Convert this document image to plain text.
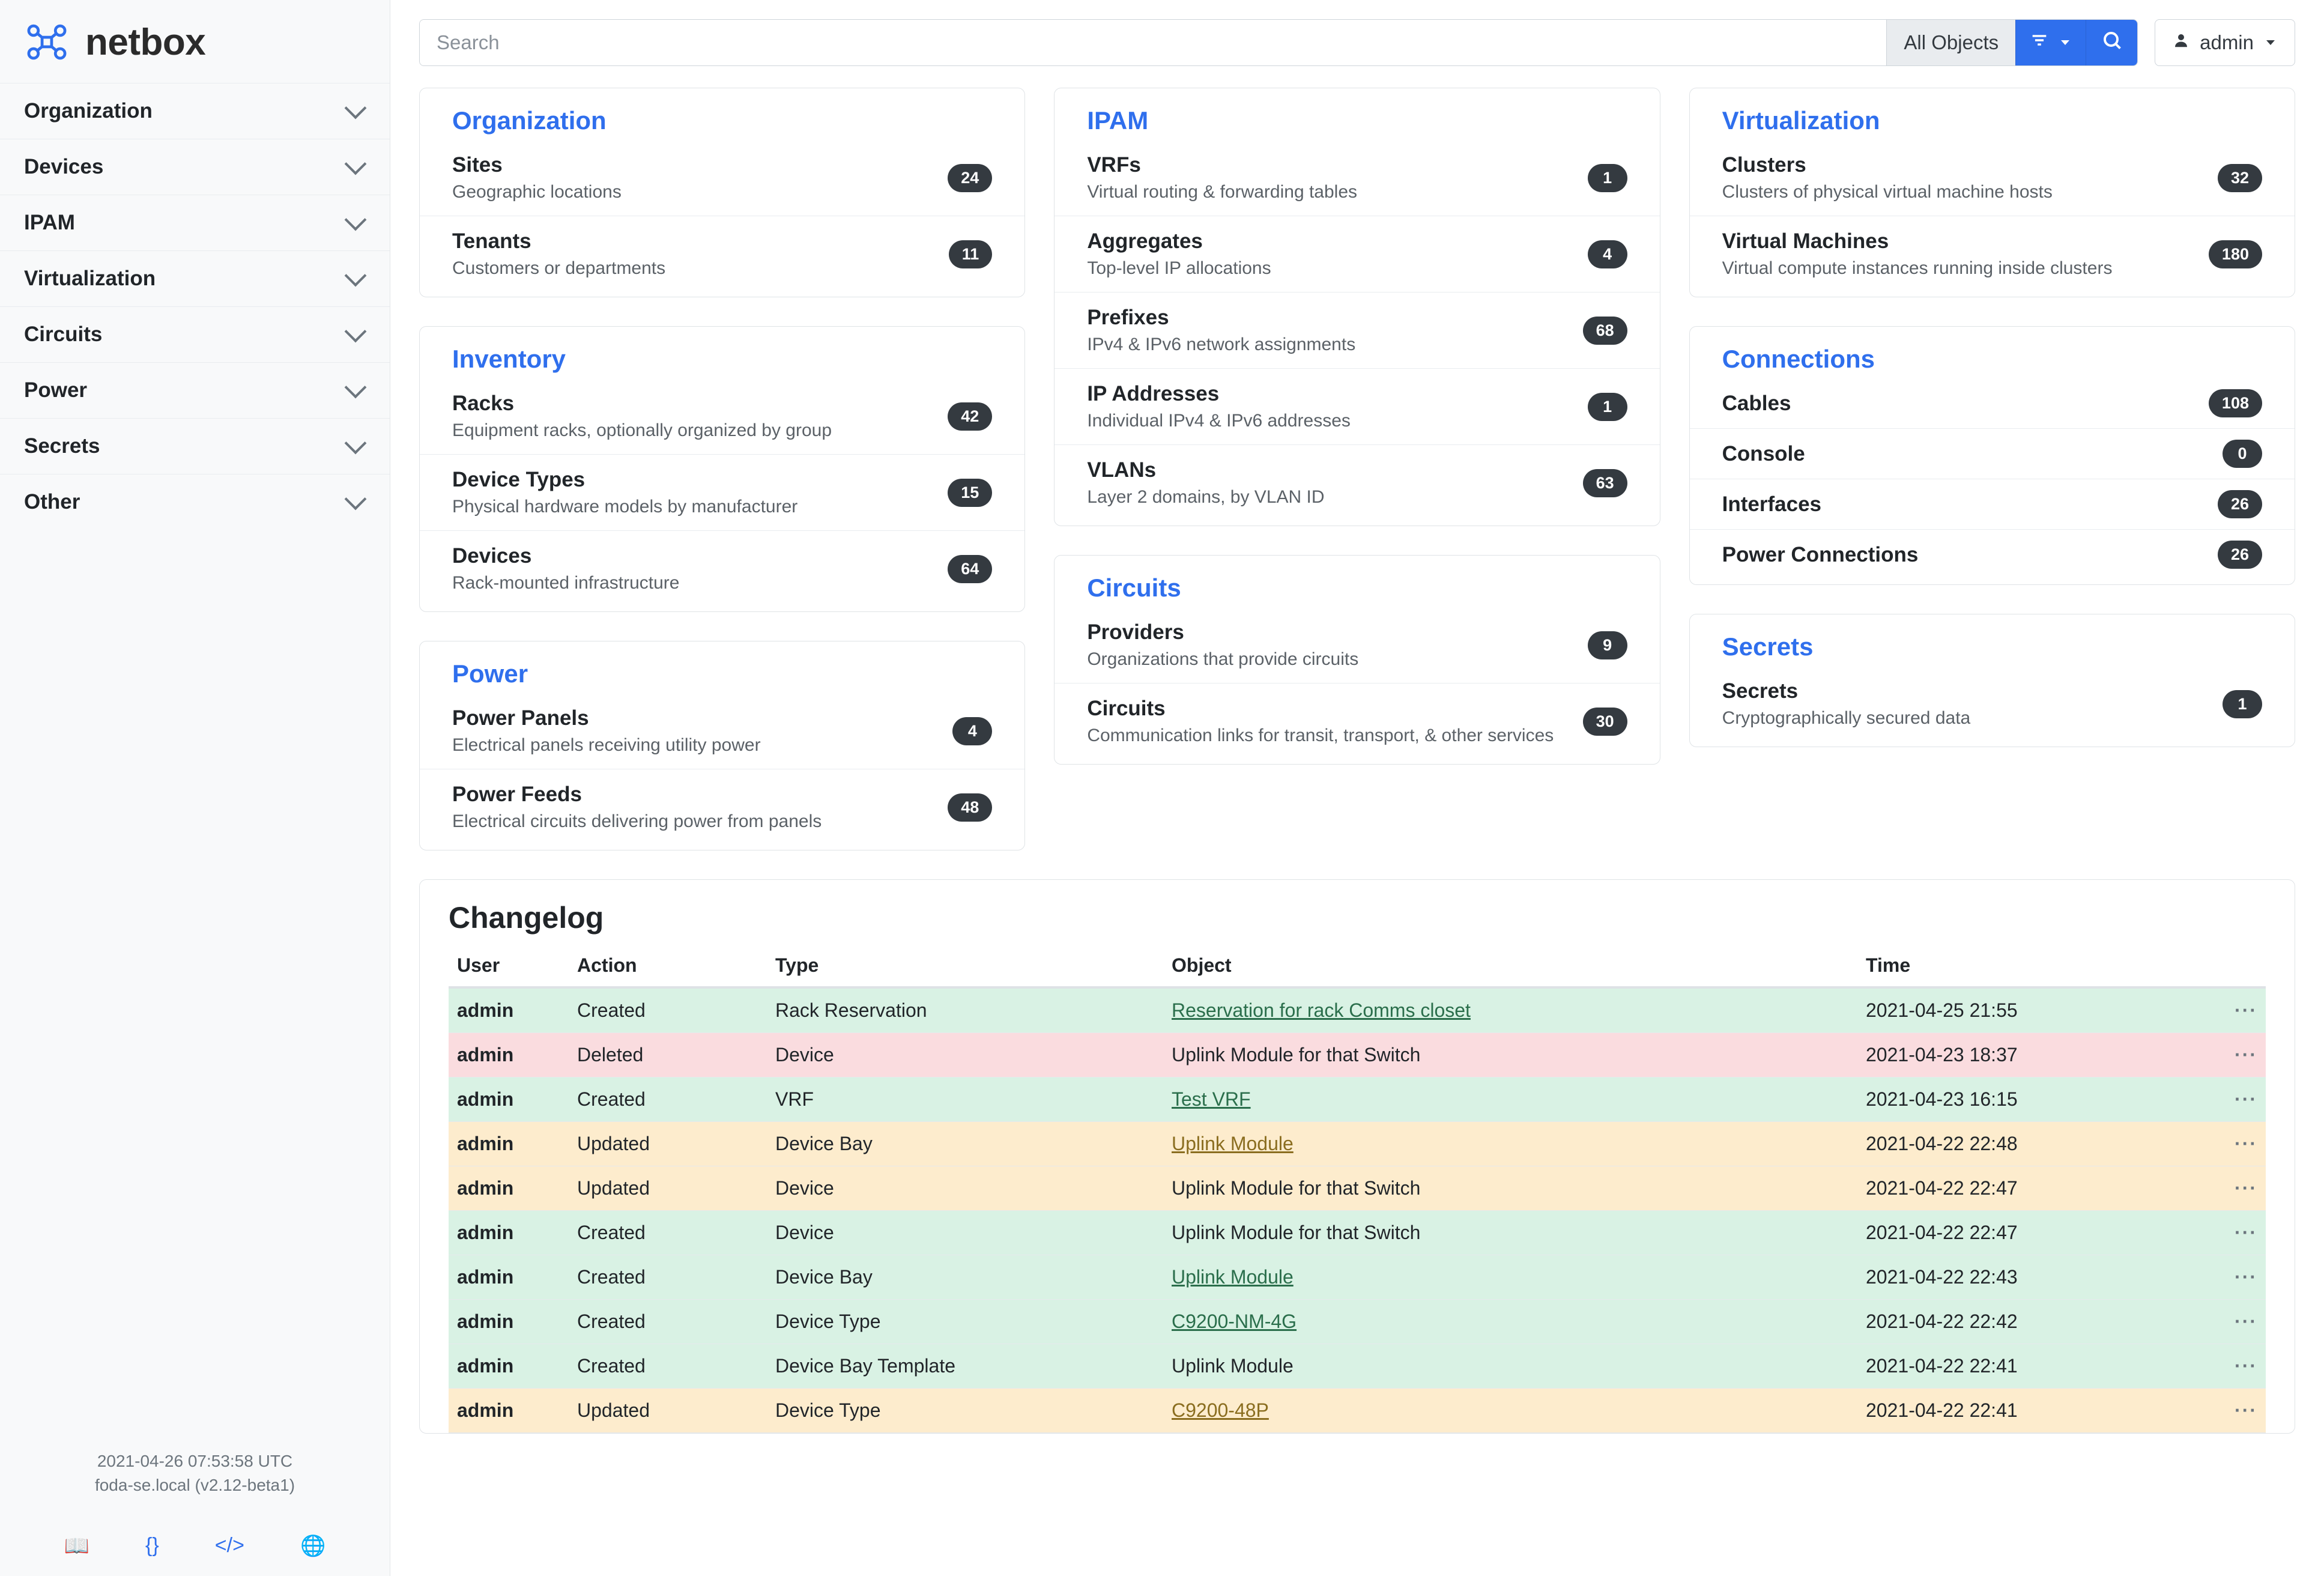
netbox
Organization
Devices
IPAM
Virtualization
Circuits
Power
Secrets
Other
2021-04-26 07:53:58 UTC
foda-se.local (v2.12-beta1)
📖	{}	</>	🌐
Search
All Objects	admin
Organization
Sites
Geographic locations
24
Tenants
Customers or departments
11
Inventory
Racks
Equipment racks, optionally organized by group
42
Device Types
Physical hardware models by manufacturer
15
Devices
Rack-mounted infrastructure
64
Power
Power Panels
Electrical panels receiving utility power
4
Power Feeds
Electrical circuits delivering power from panels
48
IPAM
VRFs
Virtual routing & forwarding tables
1
Aggregates
Top-level IP allocations
4
Prefixes
IPv4 & IPv6 network assignments
68
IP Addresses
Individual IPv4 & IPv6 addresses
1
VLANs
Layer 2 domains, by VLAN ID
63
Circuits
Providers
Organizations that provide circuits
9
Circuits
Communication links for transit, transport, & other services
30
Virtualization
Clusters
Clusters of physical virtual machine hosts
32
Virtual Machines
Virtual compute instances running inside clusters
180
Connections
Cables	108
Console	0
Interfaces	26
Power Connections	26
Secrets
Secrets
Cryptographically secured data
1
Changelog
User	Action	Type	Object	Time	
admin	Created	Rack Reservation	Reservation for rack Comms closet	2021-04-25 21:55	···
admin	Deleted	Device	Uplink Module for that Switch	2021-04-23 18:37	···
admin	Created	VRF	Test VRF	2021-04-23 16:15	···
admin	Updated	Device Bay	Uplink Module	2021-04-22 22:48	···
admin	Updated	Device	Uplink Module for that Switch	2021-04-22 22:47	···
admin	Created	Device	Uplink Module for that Switch	2021-04-22 22:47	···
admin	Created	Device Bay	Uplink Module	2021-04-22 22:43	···
admin	Created	Device Type	C9200-NM-4G	2021-04-22 22:42	···
admin	Created	Device Bay Template	Uplink Module	2021-04-22 22:41	···
admin	Updated	Device Type	C9200-48P	2021-04-22 22:41	···
